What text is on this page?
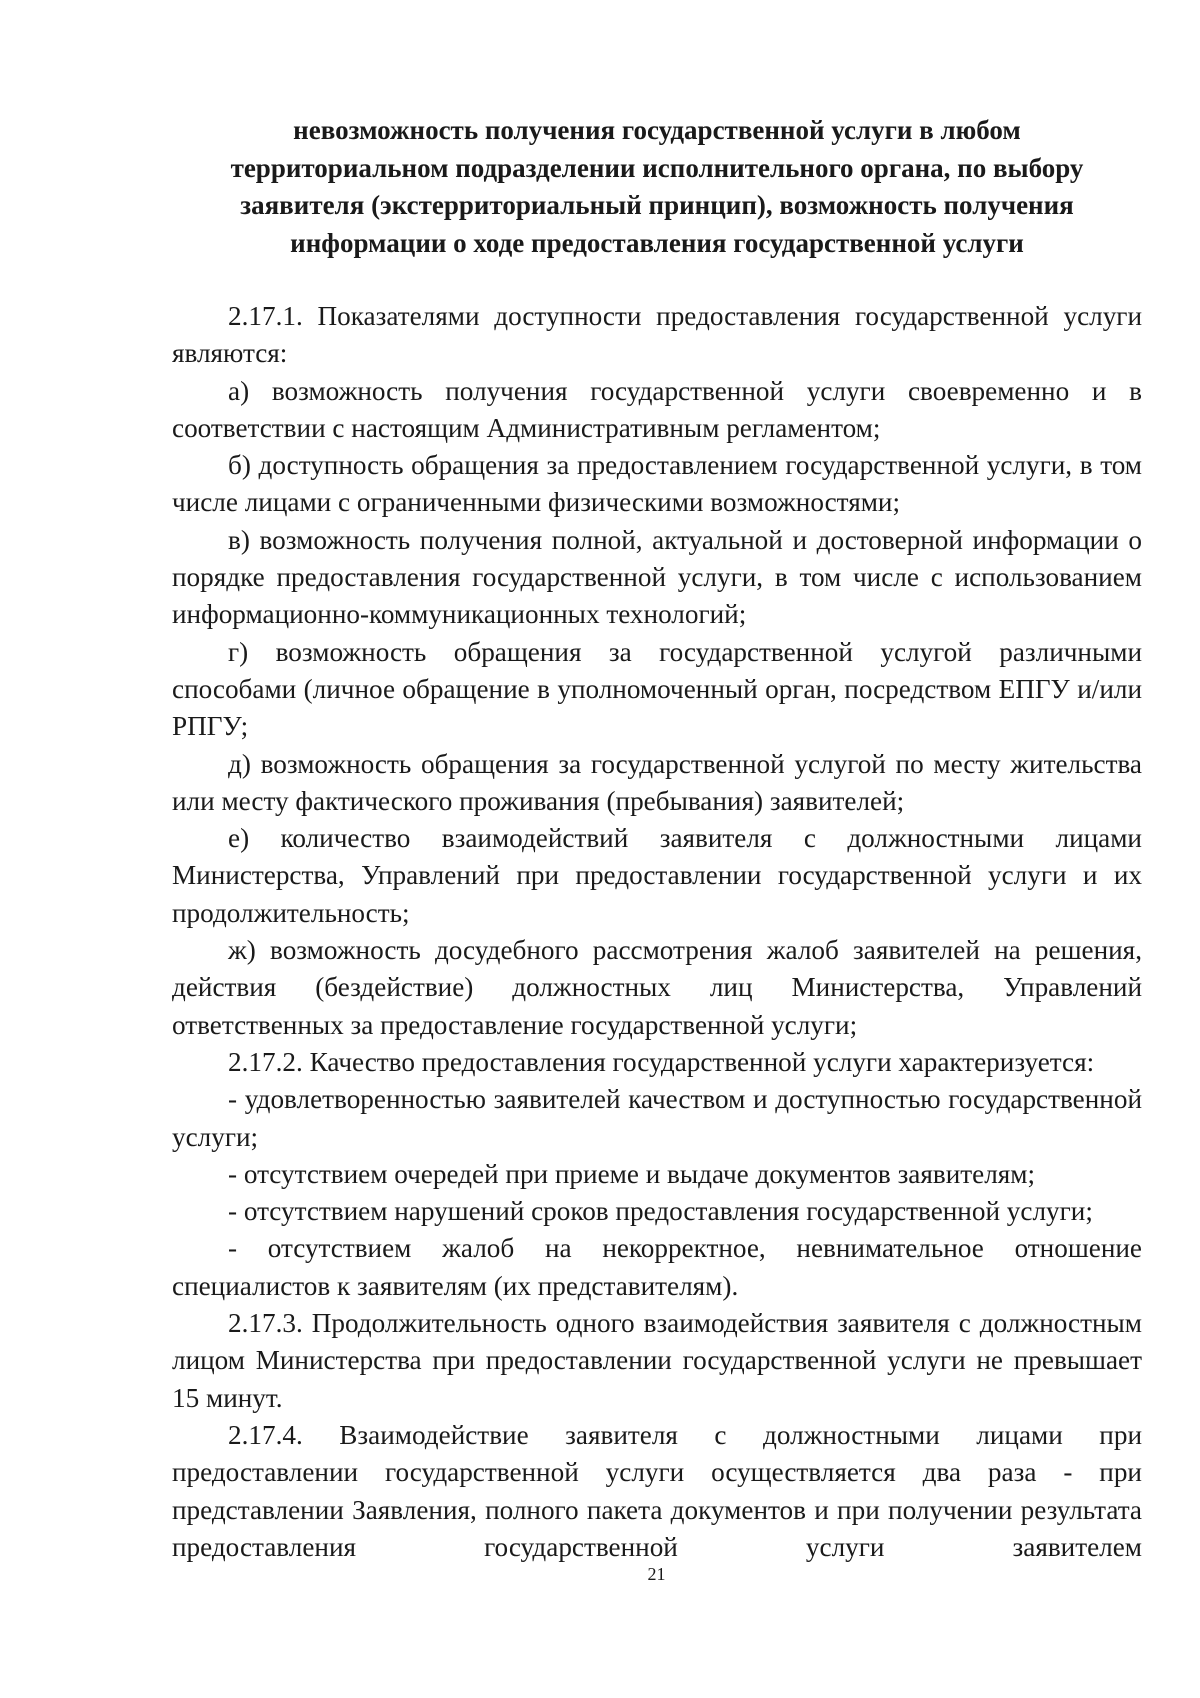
невозможность получения государственной услуги в любом
территориальном подразделении исполнительного органа, по выбору
заявителя (экстерриториальный принцип), возможность получения
информации о ходе предоставления государственной услуги

2.17.1. Показателями доступности предоставления государственной услуги являются:

а) возможность получения государственной услуги своевременно и в соответствии с настоящим Административным регламентом;

б) доступность обращения за предоставлением государственной услуги, в том числе лицами с ограниченными физическими возможностями;

в) возможность получения полной, актуальной и достоверной информации о порядке предоставления государственной услуги, в том числе с использованием информационно-коммуникационных технологий;

г) возможность обращения за государственной услугой различными способами (личное обращение в уполномоченный орган, посредством ЕПГУ и/или РПГУ;

д) возможность обращения за государственной услугой по месту жительства или месту фактического проживания (пребывания) заявителей;

е) количество взаимодействий заявителя с должностными лицами Министерства, Управлений при предоставлении государственной услуги и их продолжительность;

ж) возможность досудебного рассмотрения жалоб заявителей на решения, действия (бездействие) должностных лиц Министерства, Управлений ответственных за предоставление государственной услуги;

2.17.2. Качество предоставления государственной услуги характеризуется:

- удовлетворенностью заявителей качеством и доступностью государственной услуги;

- отсутствием очередей при приеме и выдаче документов заявителям;

- отсутствием нарушений сроков предоставления государственной услуги;

- отсутствием жалоб на некорректное, невнимательное отношение специалистов к заявителям (их представителям).

2.17.3. Продолжительность одного взаимодействия заявителя с должностным лицом Министерства при предоставлении государственной услуги не превышает 15 минут.

2.17.4. Взаимодействие заявителя с должностными лицами при предоставлении государственной услуги осуществляется два раза - при представлении Заявления, полного пакета документов и при получении результата предоставления государственной услуги заявителем

21
